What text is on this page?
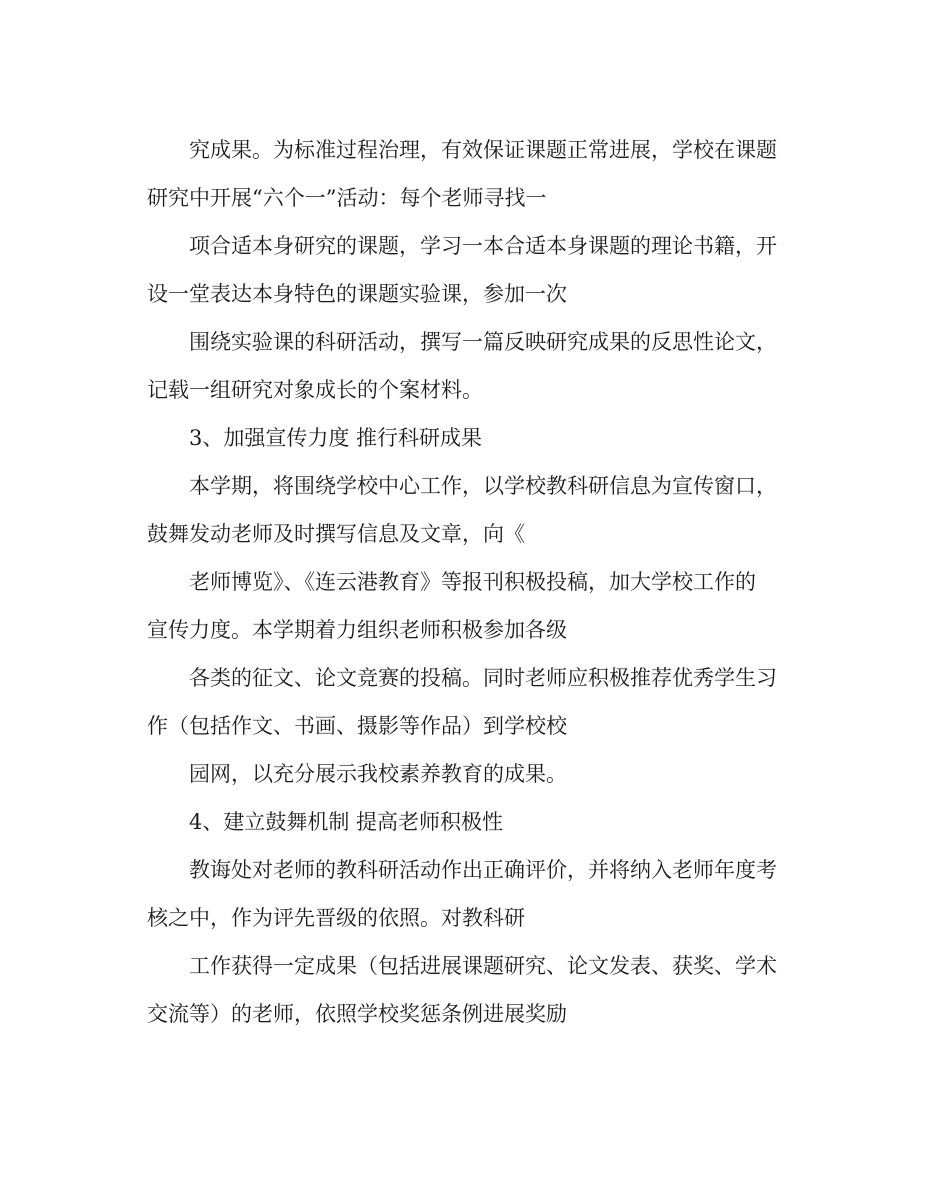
究成果。为标准过程治理，有效保证课题正常进展，学校在课题
研究中开展“六个一”活动：每个老师寻找一
项合适本身研究的课题，学习一本合适本身课题的理论书籍，开
设一堂表达本身特色的课题实验课，参加一次
围绕实验课的科研活动，撰写一篇反映研究成果的反思性论文，
记载一组研究对象成长的个案材料。
3、加强宣传力度 推行科研成果
本学期，将围绕学校中心工作，以学校教科研信息为宣传窗口，
鼓舞发动老师及时撰写信息及文章，向《
老师博览》、《连云港教育》等报刊积极投稿，加大学校工作的
宣传力度。本学期着力组织老师积极参加各级
各类的征文、论文竞赛的投稿。同时老师应积极推荐优秀学生习
作（包括作文、书画、摄影等作品）到学校校
园网，以充分展示我校素养教育的成果。
4、建立鼓舞机制 提高老师积极性
教诲处对老师的教科研活动作出正确评价，并将纳入老师年度考
核之中，作为评先晋级的依照。对教科研
工作获得一定成果（包括进展课题研究、论文发表、获奖、学术
交流等）的老师，依照学校奖惩条例进展奖励
